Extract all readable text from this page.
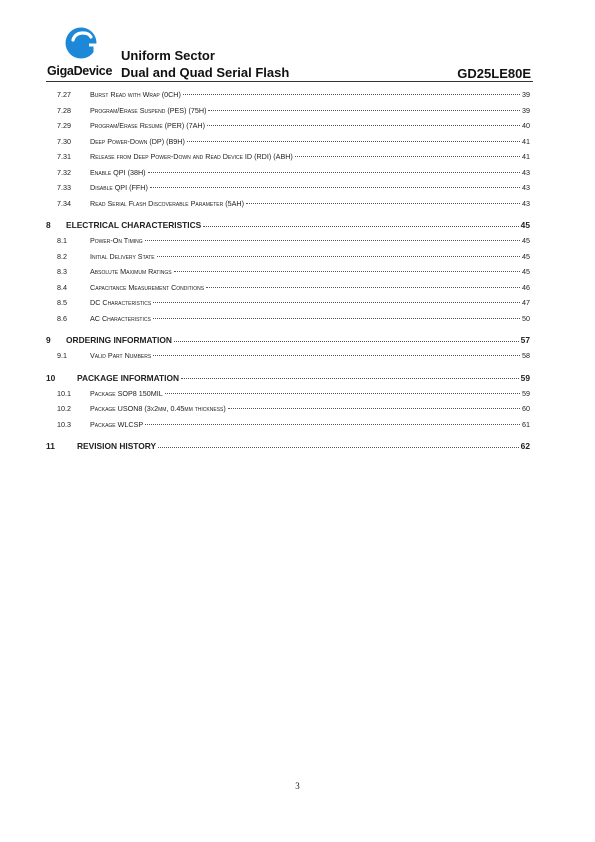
GigaDevice
Uniform Sector
Dual and Quad Serial Flash	GD25LE80E
7.27	Burst Read with Wrap (0CH)	39
7.28	Program/Erase Suspend (PES) (75H)	39
7.29	Program/Erase Resume (PER) (7AH)	40
7.30	Deep Power-Down (DP) (B9H)	41
7.31	Release from Deep Power-Down and Read Device ID (RDI) (ABH)	41
7.32	Enable QPI (38H)	43
7.33	Disable QPI (FFH)	43
7.34	Read Serial Flash Discoverable Parameter (5AH)	43
8	ELECTRICAL CHARACTERISTICS	45
8.1	Power-On Timing	45
8.2	Initial Delivery State	45
8.3	Absolute Maximum Ratings	45
8.4	Capacitance Measurement Conditions	46
8.5	DC Characteristics	47
8.6	AC Characteristics	50
9	ORDERING INFORMATION	57
9.1	Valid Part Numbers	58
10	PACKAGE INFORMATION	59
10.1	Package SOP8 150MIL	59
10.2	Package USON8 (3x2mm, 0.45mm thickness)	60
10.3	Package WLCSP	61
11	REVISION HISTORY	62
3
